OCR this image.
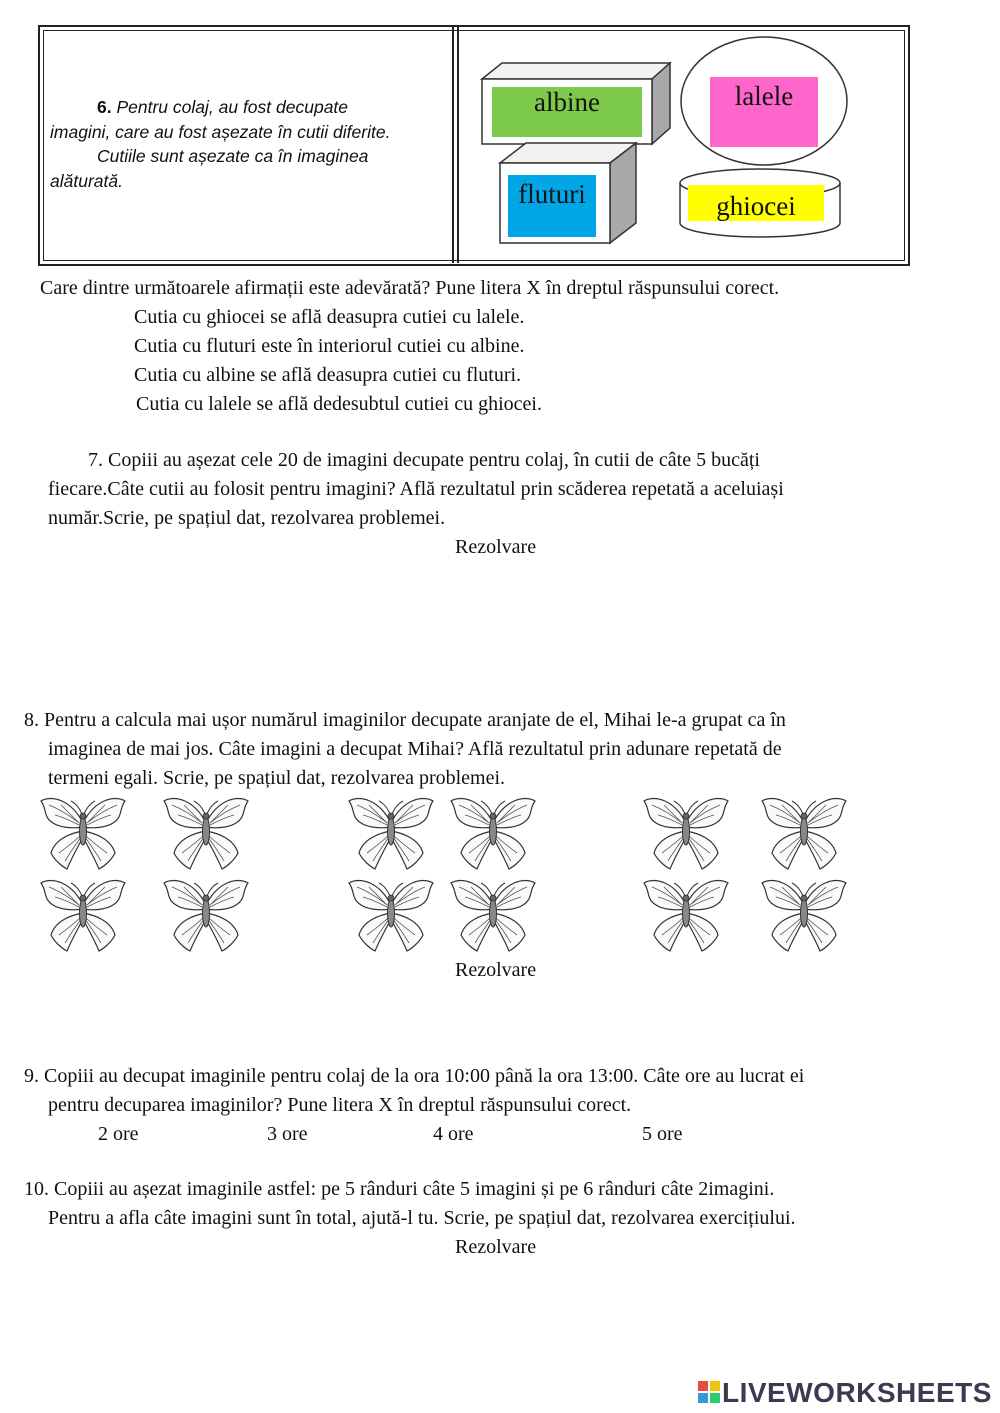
6. Pentru colaj, au fost decupate
imagini, care au fost așezate în cutii diferite.
Cutiile sunt așezate ca în imaginea
alăturată.
albine	lalele
fluturi	ghiocei
Care dintre următoarele afirmații este adevărată? Pune litera X în dreptul răspunsului corect.
Cutia cu ghiocei se află deasupra cutiei cu lalele.
Cutia cu fluturi este în interiorul cutiei cu albine.
Cutia cu albine se află deasupra cutiei cu fluturi.
Cutia cu lalele se află dedesubtul cutiei cu ghiocei.
7. Copiii au așezat cele 20 de imagini decupate pentru colaj, în cutii de câte 5 bucăți
fiecare.Câte cutii au folosit pentru imagini? Află rezultatul prin scăderea repetată a aceluiași
număr.Scrie, pe spațiul dat, rezolvarea problemei.
Rezolvare
8. Pentru a calcula mai ușor numărul imaginilor decupate aranjate de el, Mihai le-a grupat ca în
imaginea de mai jos. Câte imagini a decupat Mihai? Află rezultatul prin adunare repetată de
termeni egali. Scrie, pe spațiul dat, rezolvarea problemei.
Rezolvare
9. Copiii au decupat imaginile pentru colaj de la ora 10:00 până la ora 13:00. Câte ore au lucrat ei
pentru decuparea imaginilor? Pune litera X în dreptul răspunsului corect.
2 ore	3 ore	4 ore	5 ore
10. Copiii au așezat imaginile astfel: pe 5 rânduri câte 5 imagini și pe 6 rânduri câte 2imagini.
Pentru a afla câte imagini sunt în total, ajută-l tu. Scrie, pe spațiul dat, rezolvarea exercițiului.
Rezolvare
LIVEWORKSHEETS
